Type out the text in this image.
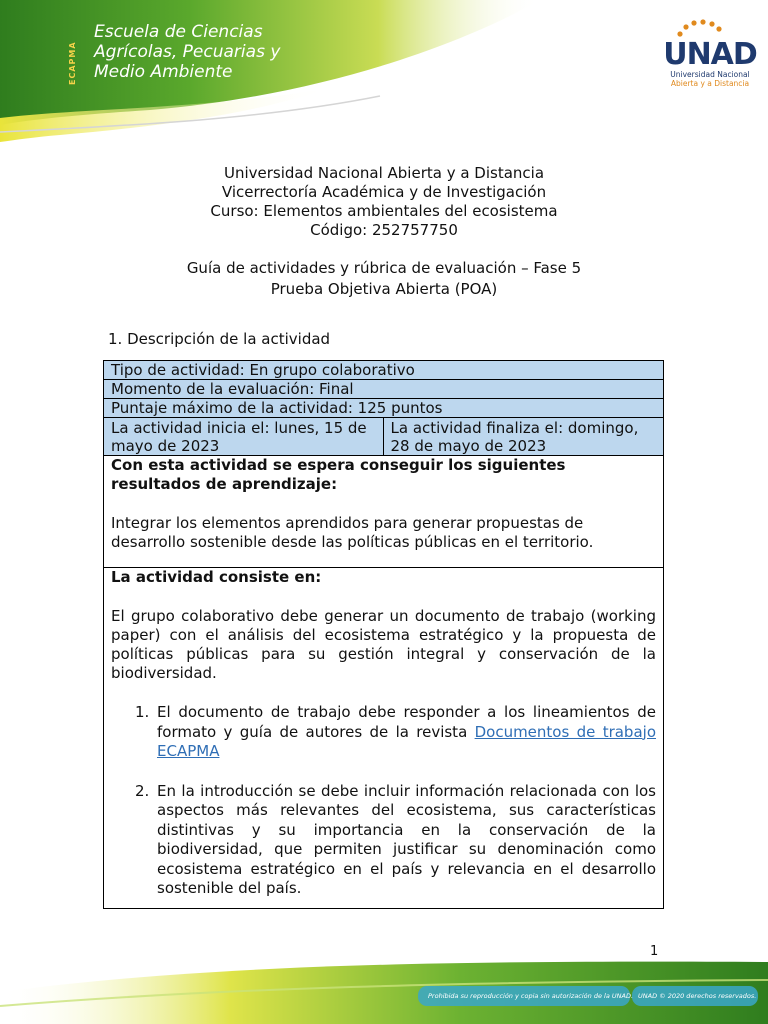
ECAPMA
Escuela de Ciencias
Agrícolas, Pecuarias y
Medio Ambiente	UNAD
Universidad Nacional
Abierta y a Distancia
Universidad Nacional Abierta y a Distancia
Vicerrectoría Académica y de Investigación
Curso: Elementos ambientales del ecosistema
Código: 252757750
Guía de actividades y rúbrica de evaluación – Fase 5
Prueba Objetiva Abierta (POA)
1. Descripción de la actividad
Tipo de actividad: En grupo colaborativo
Momento de la evaluación: Final
Puntaje máximo de la actividad: 125 puntos
La actividad inicia el: lunes, 15 de mayo de 2023
La actividad finaliza el: domingo, 28 de mayo de 2023

Con esta actividad se espera conseguir los siguientes resultados de aprendizaje:

Integrar los elementos aprendidos para generar propuestas de desarrollo sostenible desde las políticas públicas en el territorio.

La actividad consiste en:

El grupo colaborativo debe generar un documento de trabajo (working paper) con el análisis del ecosistema estratégico y la propuesta de políticas públicas para su gestión integral y conservación de la biodiversidad.

1. El documento de trabajo debe responder a los lineamientos de formato y guía de autores de la revista Documentos de trabajo ECAPMA
2. En la introducción se debe incluir información relacionada con los aspectos más relevantes del ecosistema, sus características distintivas y su importancia en la conservación de la biodiversidad, que permiten justificar su denominación como ecosistema estratégico en el país y relevancia en el desarrollo sostenible del país.
1
Prohibida su reproducción y copia sin autorización de la UNAD. UNAD © 2020 derechos reservados.
